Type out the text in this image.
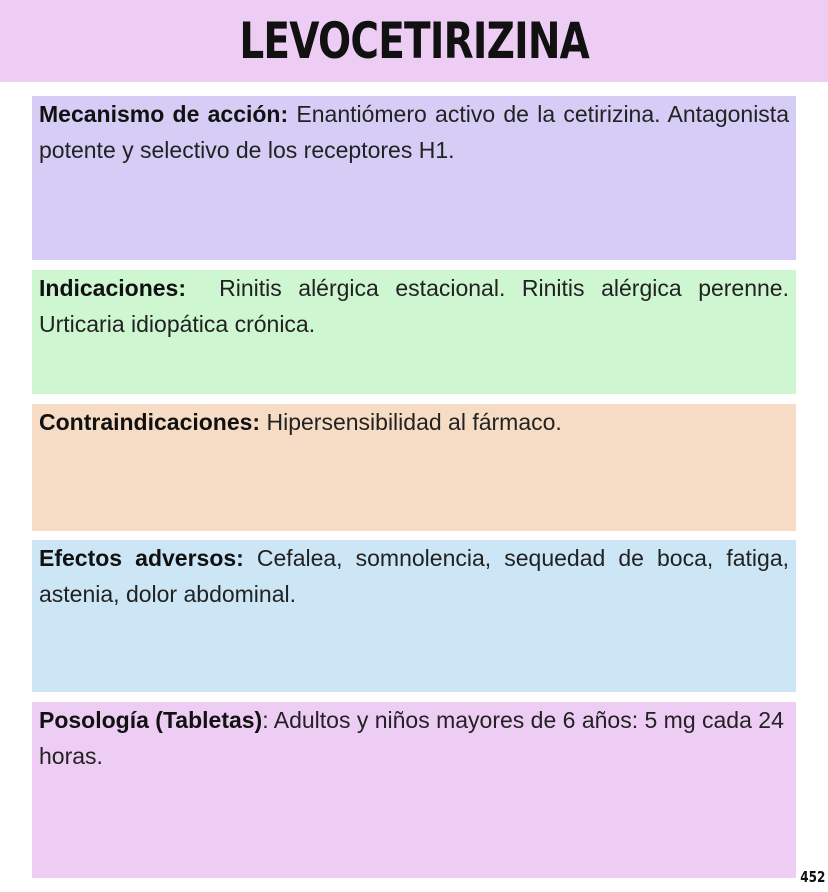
LEVOCETIRIZINA

Mecanismo de acción: Enantiómero activo de la cetirizina. Antagonista potente y selectivo de los receptores H1.

Indicaciones:  Rinitis alérgica estacional. Rinitis alérgica perenne. Urticaria idiopática crónica.

Contraindicaciones: Hipersensibilidad al fármaco.

Efectos adversos: Cefalea, somnolencia, sequedad de boca, fatiga, astenia, dolor abdominal.

Posología (Tabletas): Adultos y niños mayores de 6 años: 5 mg cada 24 horas.

452
